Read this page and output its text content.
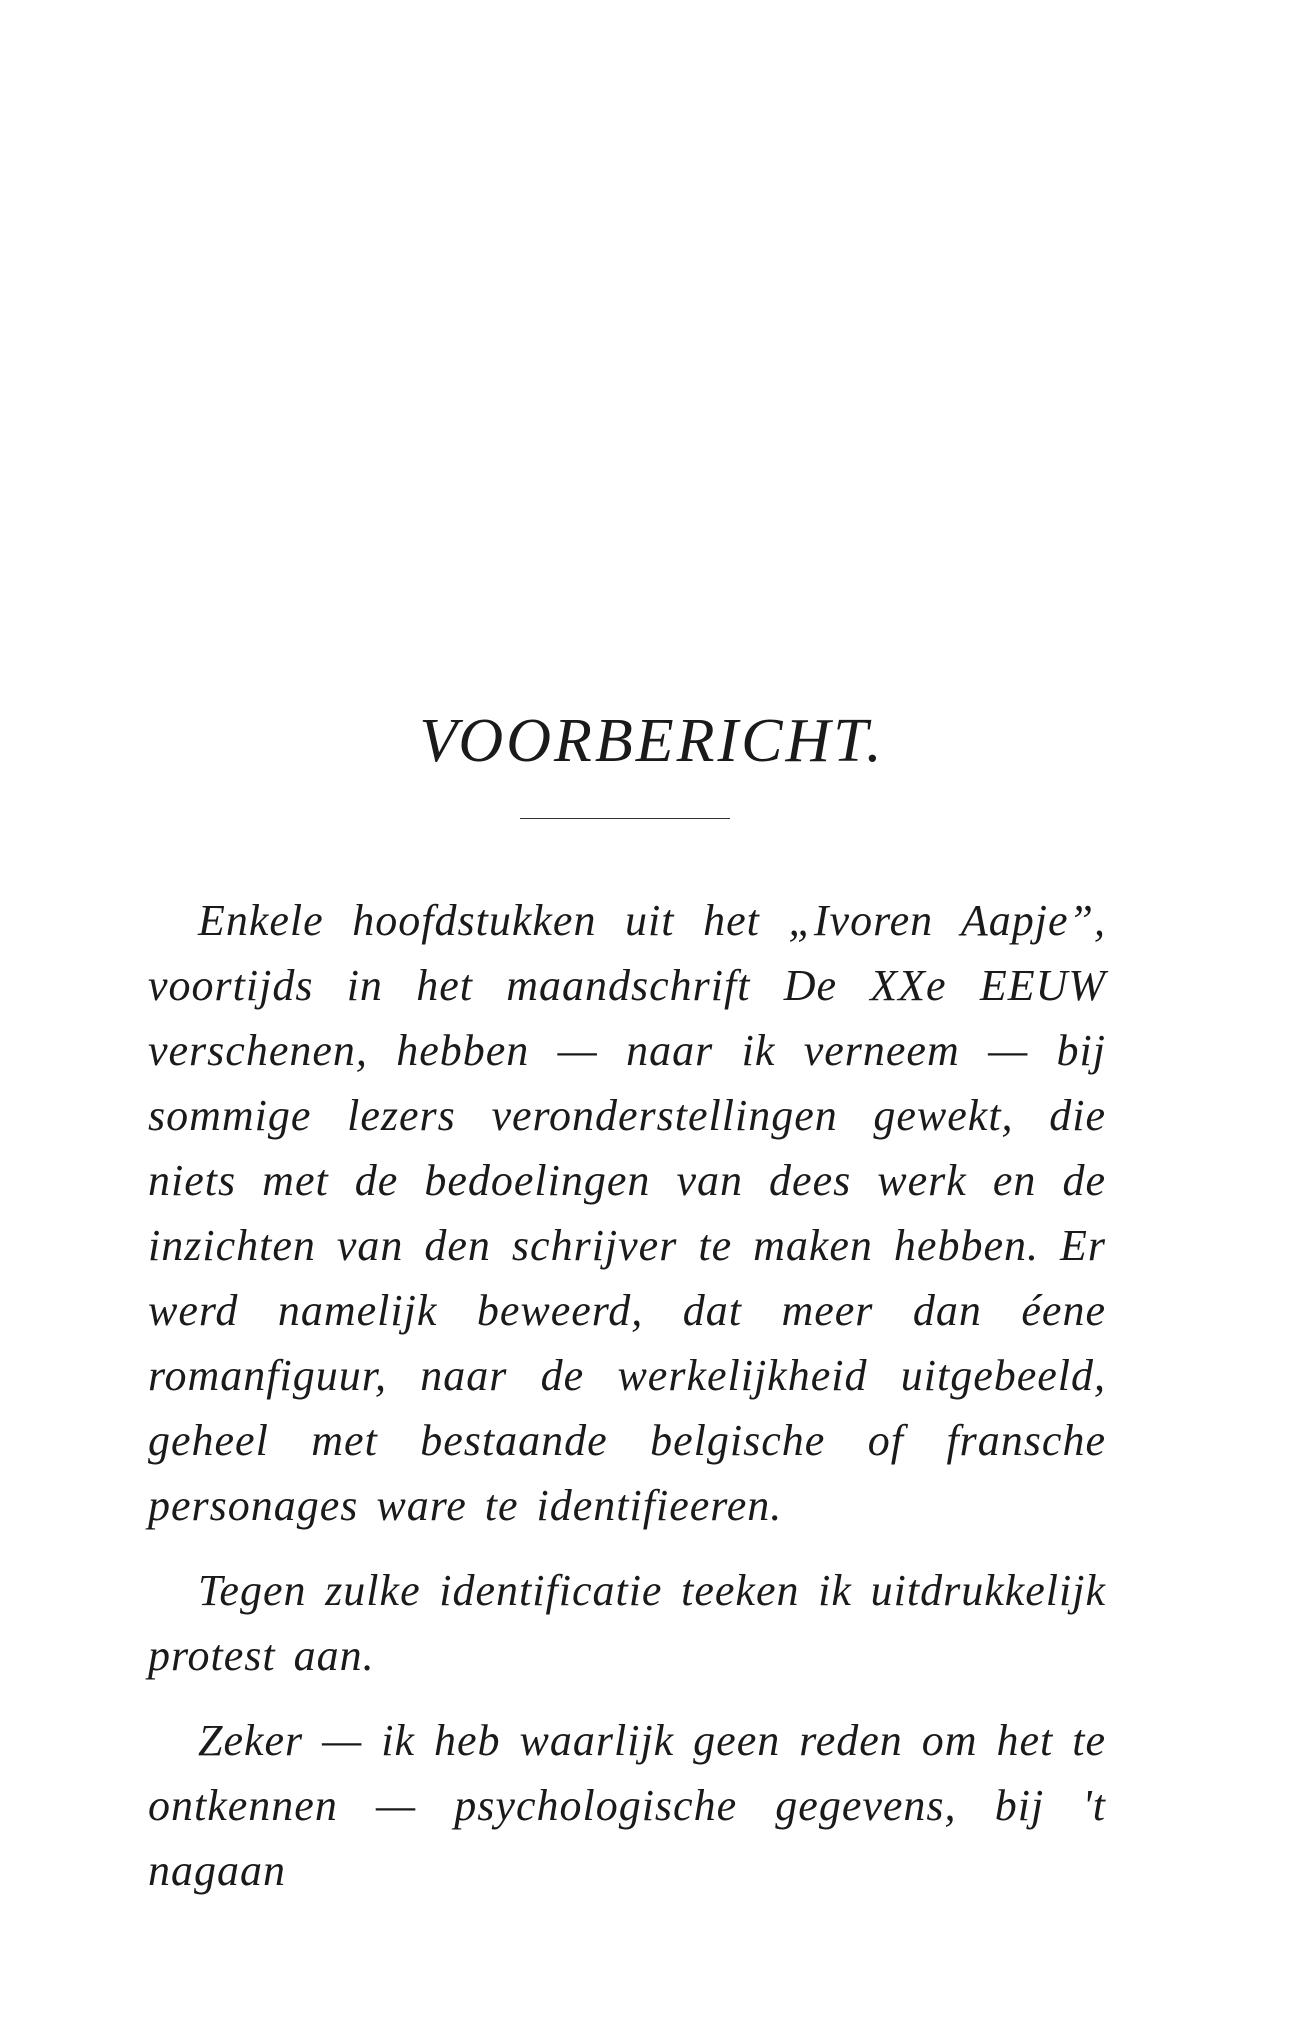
VOORBERICHT.

Enkele hoofdstukken uit het „Ivoren Aapje”, voortijds in het maandschrift De XXe EEUW verschenen, hebben — naar ik verneem — bij sommige lezers veronderstellingen gewekt, die niets met de bedoelingen van dees werk en de inzichten van den schrijver te maken hebben. Er werd namelijk beweerd, dat meer dan éene romanfiguur, naar de werkelijkheid uitgebeeld, geheel met bestaande belgische of fransche personages ware te identifieeren.

Tegen zulke identificatie teeken ik uitdrukkelijk protest aan.

Zeker — ik heb waarlijk geen reden om het te ontkennen — psychologische gegevens, bij 't nagaan
